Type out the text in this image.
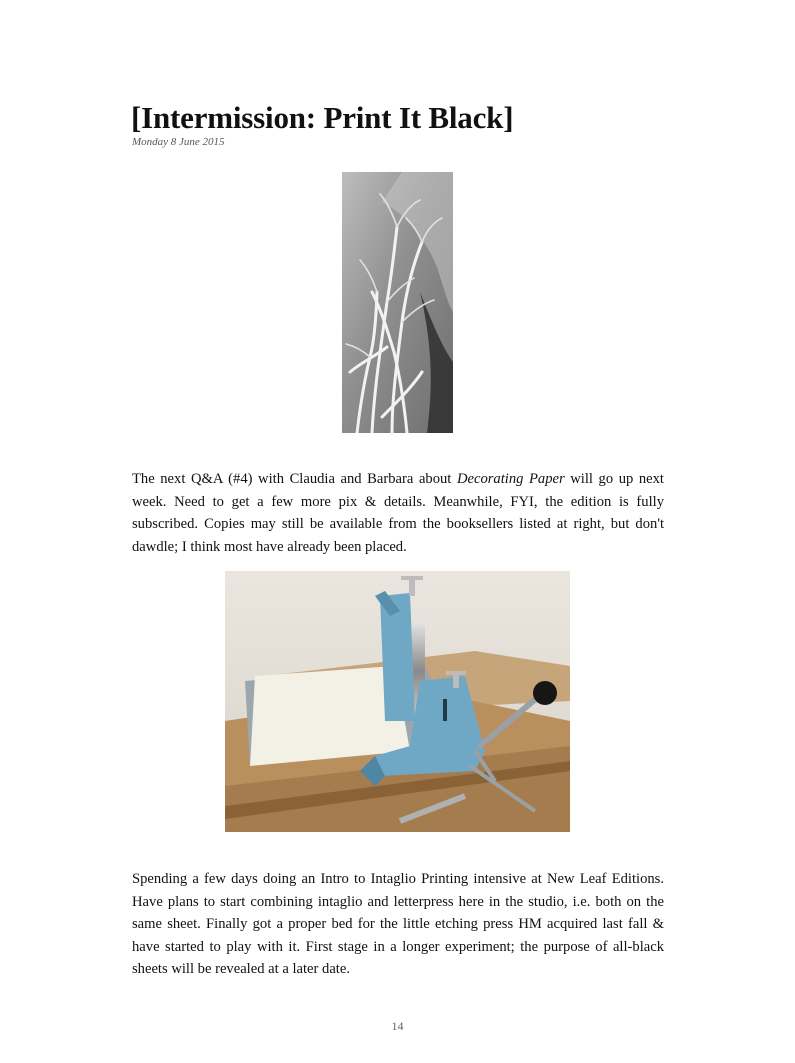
[Intermission: Print It Black]
Monday 8 June 2015

The next Q&A (#4) with Claudia and Barbara about Decorating Paper will go up next week. Need to get a few more pix & details. Meanwhile, FYI, the edition is fully subscribed. Copies may still be available from the booksellers listed at right, but don't dawdle; I think most have already been placed.

Spending a few days doing an Intro to Intaglio Printing intensive at New Leaf Editions. Have plans to start combining intaglio and letterpress here in the studio, i.e. both on the same sheet. Finally got a proper bed for the little etching press HM acquired last fall & have started to play with it. First stage in a longer experiment; the purpose of all-black sheets will be revealed at a later date.

14
